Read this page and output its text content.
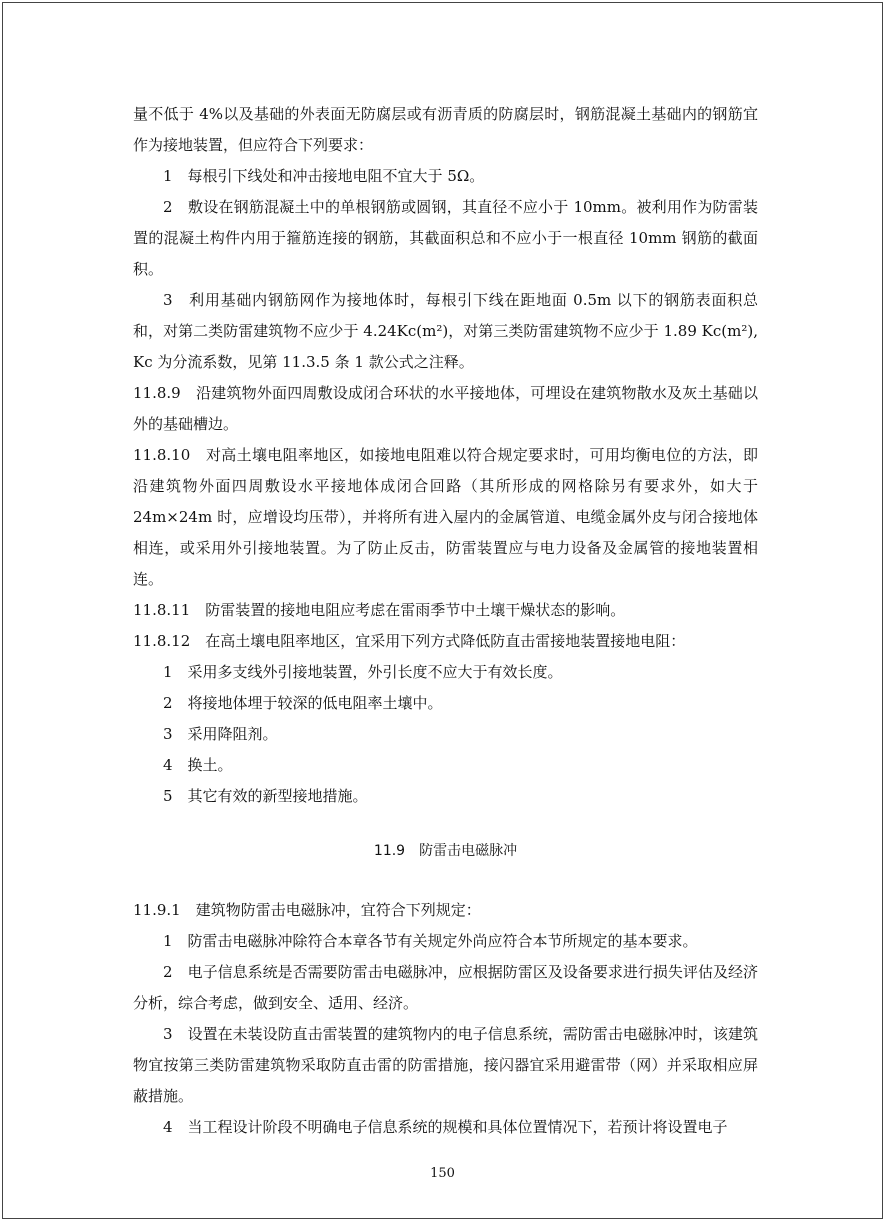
量不低于 4%以及基础的外表面无防腐层或有沥青质的防腐层时，钢筋混凝土基础内的钢筋宜作为接地装置，但应符合下列要求：

1　每根引下线处和冲击接地电阻不宜大于 5Ω。

2　敷设在钢筋混凝土中的单根钢筋或圆钢，其直径不应小于 10mm。被利用作为防雷装置的混凝土构件内用于箍筋连接的钢筋，其截面积总和不应小于一根直径 10mm 钢筋的截面积。

3　利用基础内钢筋网作为接地体时，每根引下线在距地面 0.5m 以下的钢筋表面积总和，对第二类防雷建筑物不应少于 4.24Kc(m²)，对第三类防雷建筑物不应少于 1.89 Kc(m²), Kc 为分流系数，见第 11.3.5 条 1 款公式之注释。

11.8.9　沿建筑物外面四周敷设成闭合环状的水平接地体，可埋设在建筑物散水及灰土基础以外的基础槽边。

11.8.10　对高土壤电阻率地区，如接地电阻难以符合规定要求时，可用均衡电位的方法，即沿建筑物外面四周敷设水平接地体成闭合回路（其所形成的网格除另有要求外，如大于 24m×24m 时，应增设均压带），并将所有进入屋内的金属管道、电缆金属外皮与闭合接地体相连，或采用外引接地装置。为了防止反击，防雷装置应与电力设备及金属管的接地装置相连。

11.8.11　防雷装置的接地电阻应考虑在雷雨季节中土壤干燥状态的影响。

11.8.12　在高土壤电阻率地区，宜采用下列方式降低防直击雷接地装置接地电阻：

1　采用多支线外引接地装置，外引长度不应大于有效长度。

2　将接地体埋于较深的低电阻率土壤中。

3　采用降阻剂。

4　换土。

5　其它有效的新型接地措施。

11.9　防雷击电磁脉冲

11.9.1　建筑物防雷击电磁脉冲，宜符合下列规定：

1　防雷击电磁脉冲除符合本章各节有关规定外尚应符合本节所规定的基本要求。

2　电子信息系统是否需要防雷击电磁脉冲，应根据防雷区及设备要求进行损失评估及经济分析，综合考虑，做到安全、适用、经济。

3　设置在未装设防直击雷装置的建筑物内的电子信息系统，需防雷击电磁脉冲时，该建筑物宜按第三类防雷建筑物采取防直击雷的防雷措施，接闪器宜采用避雷带（网）并采取相应屏蔽措施。

4　当工程设计阶段不明确电子信息系统的规模和具体位置情况下，若预计将设置电子

150
